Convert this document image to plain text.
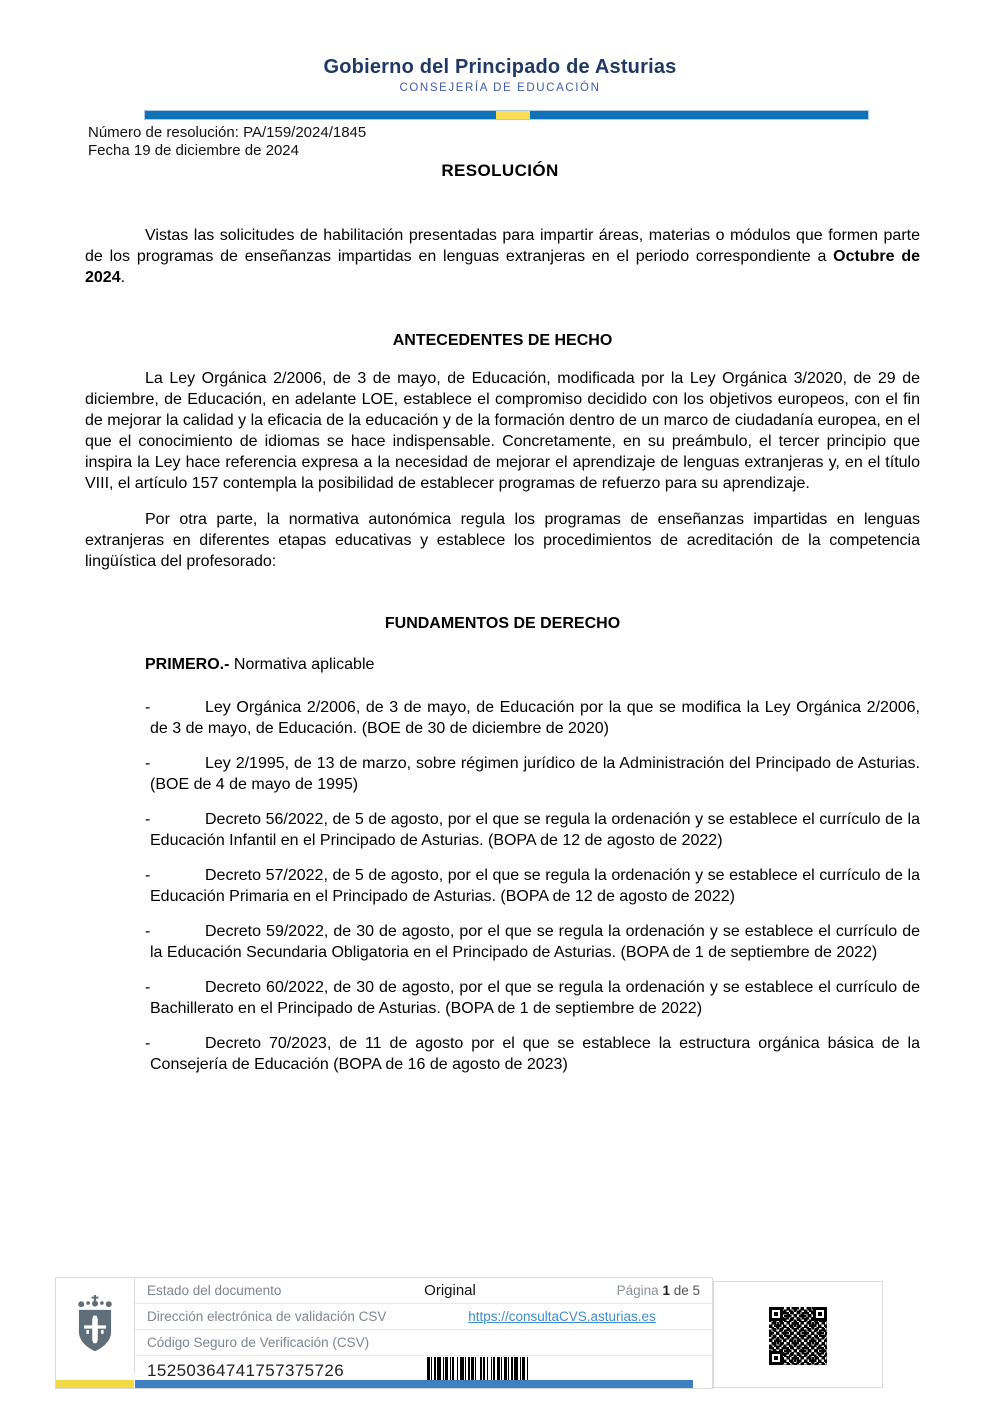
Gobierno del Principado de Asturias
CONSEJERÍA DE EDUCACIÓN
Número de resolución: PA/159/2024/1845
Fecha 19 de diciembre de 2024
RESOLUCIÓN

Vistas las solicitudes de habilitación presentadas para impartir áreas, materias o módulos que formen parte de los programas de enseñanzas impartidas en lenguas extranjeras en el periodo correspondiente a Octubre de 2024.

ANTECEDENTES DE HECHO

La Ley Orgánica 2/2006, de 3 de mayo, de Educación, modificada por la Ley Orgánica 3/2020, de 29 de diciembre, de Educación, en adelante LOE, establece el compromiso decidido con los objetivos europeos, con el fin de mejorar la calidad y la eficacia de la educación y de la formación dentro de un marco de ciudadanía europea, en el que el conocimiento de idiomas se hace indispensable. Concretamente, en su preámbulo, el tercer principio que inspira la Ley hace referencia expresa a la necesidad de mejorar el aprendizaje de lenguas extranjeras y, en el título VIII, el artículo 157 contempla la posibilidad de establecer programas de refuerzo para su aprendizaje.

Por otra parte, la normativa autonómica regula los programas de enseñanzas impartidas en lenguas extranjeras en diferentes etapas educativas y establece los procedimientos de acreditación de la competencia lingüística del profesorado:

FUNDAMENTOS DE DERECHO
PRIMERO.- Normativa aplicable
-	Ley Orgánica 2/2006, de 3 de mayo, de Educación por la que se modifica la Ley Orgánica 2/2006, de 3 de mayo, de Educación. (BOE de 30 de diciembre de 2020)
-	Ley 2/1995, de 13 de marzo, sobre régimen jurídico de la Administración del Principado de Asturias. (BOE de 4 de mayo de 1995)
-	Decreto 56/2022, de 5 de agosto, por el que se regula la ordenación y se establece el currículo de la Educación Infantil en el Principado de Asturias. (BOPA de 12 de agosto de 2022)
-	Decreto 57/2022, de 5 de agosto, por el que se regula la ordenación y se establece el currículo de la Educación Primaria en el Principado de Asturias. (BOPA de 12 de agosto de 2022)
-	Decreto 59/2022, de 30 de agosto, por el que se regula la ordenación y se establece el currículo de la Educación Secundaria Obligatoria en el Principado de Asturias. (BOPA de 1 de septiembre de 2022)
-	Decreto 60/2022, de 30 de agosto, por el que se regula la ordenación y se establece el currículo de Bachillerato en el Principado de Asturias. (BOPA de 1 de septiembre de 2022)
-	Decreto 70/2023, de 11 de agosto por el que se establece la estructura orgánica básica de la Consejería de Educación (BOPA de 16 de agosto de 2023)
Estado del documento	Original	Página 1 de 5
Dirección electrónica de validación CSV	https://consultaCVS.asturias.es
Código Seguro de Verificación (CSV)
15250364741757375726
